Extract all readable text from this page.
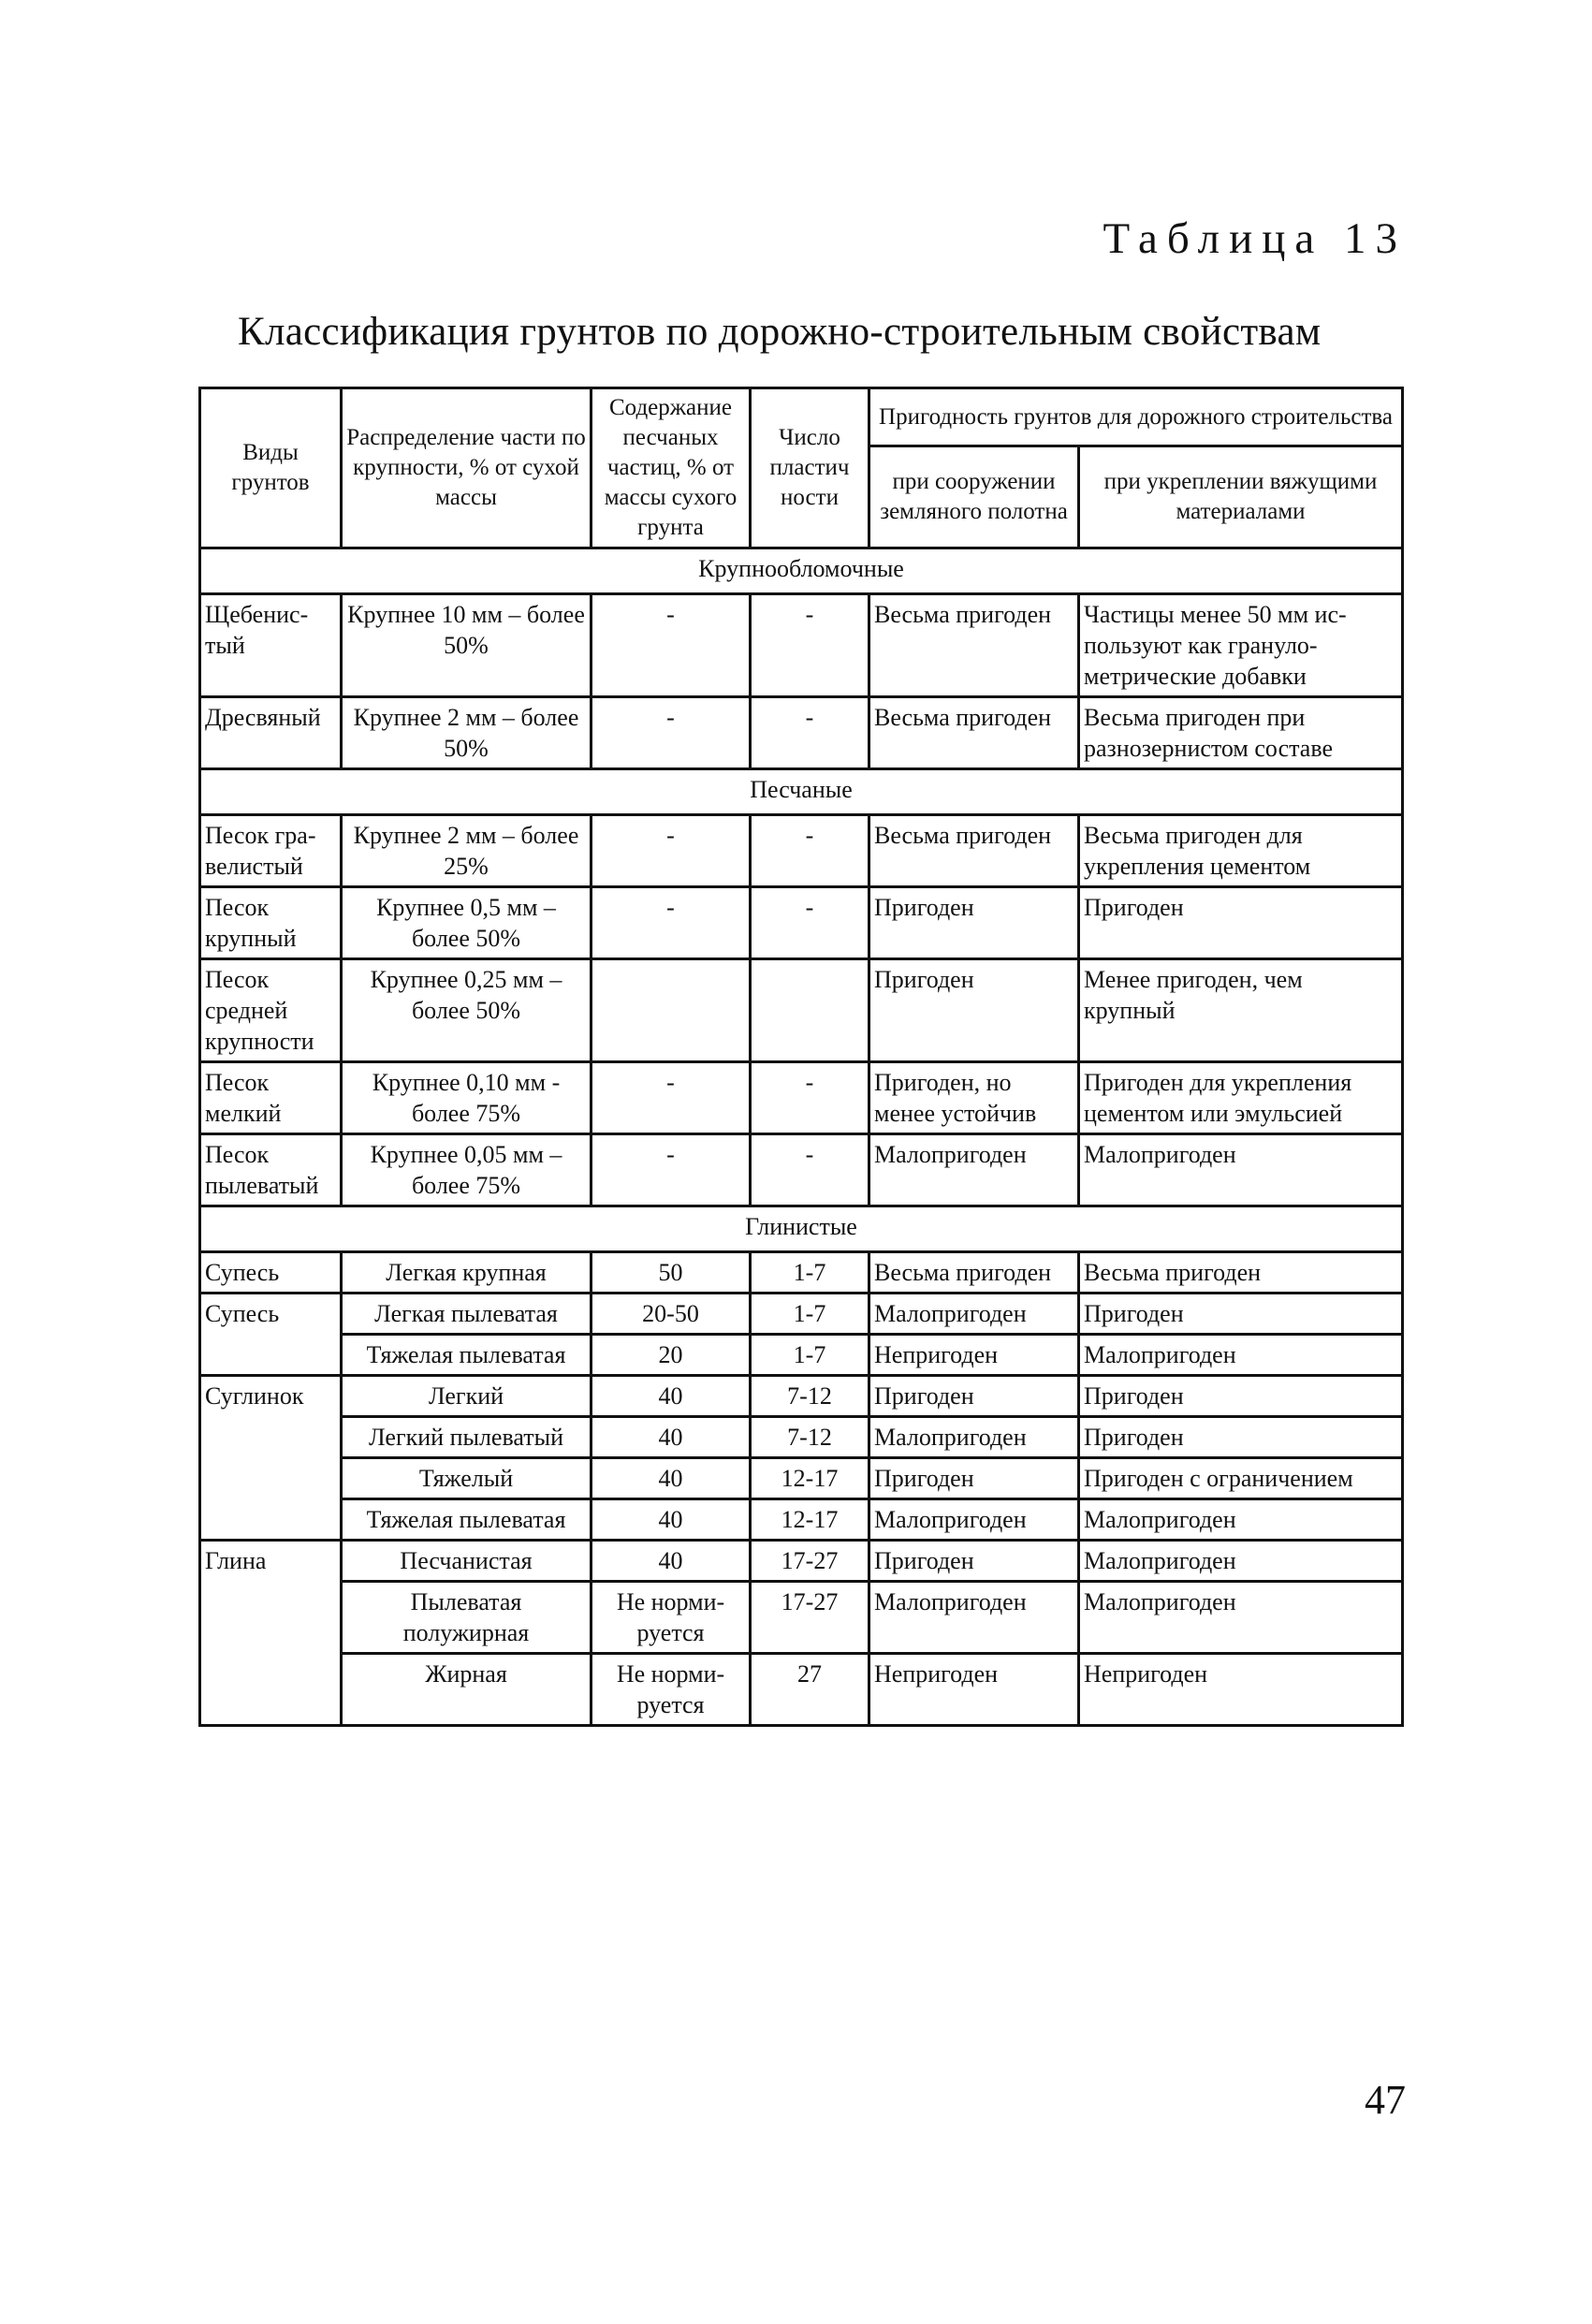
Таблица 13
Классификация грунтов по дорожно-строительным свойствам
Виды грунтов	Распределение части по крупности, % от сухой массы	Содержание песчаных частиц, % от массы сухого грунта	Число пластич ности	Пригодность грунтов для дорожного строительства	
				при сооружении земляного полотна	при укреплении вяжущими материалами
Крупнообломочные					
Щебенис-тый	Крупнее 10 мм – более 50%	-	-	Весьма пригоден	Частицы менее 50 мм ис-пользуют как грануло-метрические добавки
Дресвяный	Крупнее 2 мм – более 50%	-	-	Весьма пригоден	Весьма пригоден при разнозернистом составе
Песчаные					
Песок гра-велистый	Крупнее 2 мм – более 25%	-	-	Весьма пригоден	Весьма пригоден для укрепления цементом
Песок крупный	Крупнее 0,5 мм – более 50%	-	-	Пригоден	Пригоден
Песок средней крупности	Крупнее 0,25 мм – более 50%			Пригоден	Менее пригоден, чем крупный
Песок мелкий	Крупнее 0,10 мм - более 75%	-	-	Пригоден, но менее устойчив	Пригоден для укрепления цементом или эмульсией
Песок пылеватый	Крупнее 0,05 мм – более 75%	-	-	Малопригоден	Малопригоден
Глинистые					
Супесь	Легкая крупная	50	1-7	Весьма пригоден	Весьма пригоден
Супесь	Легкая пылеватая	20-50	1-7	Малопригоден	Пригоден
	Тяжелая пылеватая	20	1-7	Непригоден	Малопригоден
Суглинок	Легкий	40	7-12	Пригоден	Пригоден
	Легкий пылеватый	40	7-12	Малопригоден	Пригоден
	Тяжелый	40	12-17	Пригоден	Пригоден с ограничением
	Тяжелая пылеватая	40	12-17	Малопригоден	Малопригоден
Глина	Песчанистая	40	17-27	Пригоден	Малопригоден
	Пылеватая полужирная	Не норми-руется	17-27	Малопригоден	Малопригоден
	Жирная	Не норми-руется	27	Непригоден	Непригоден
47
